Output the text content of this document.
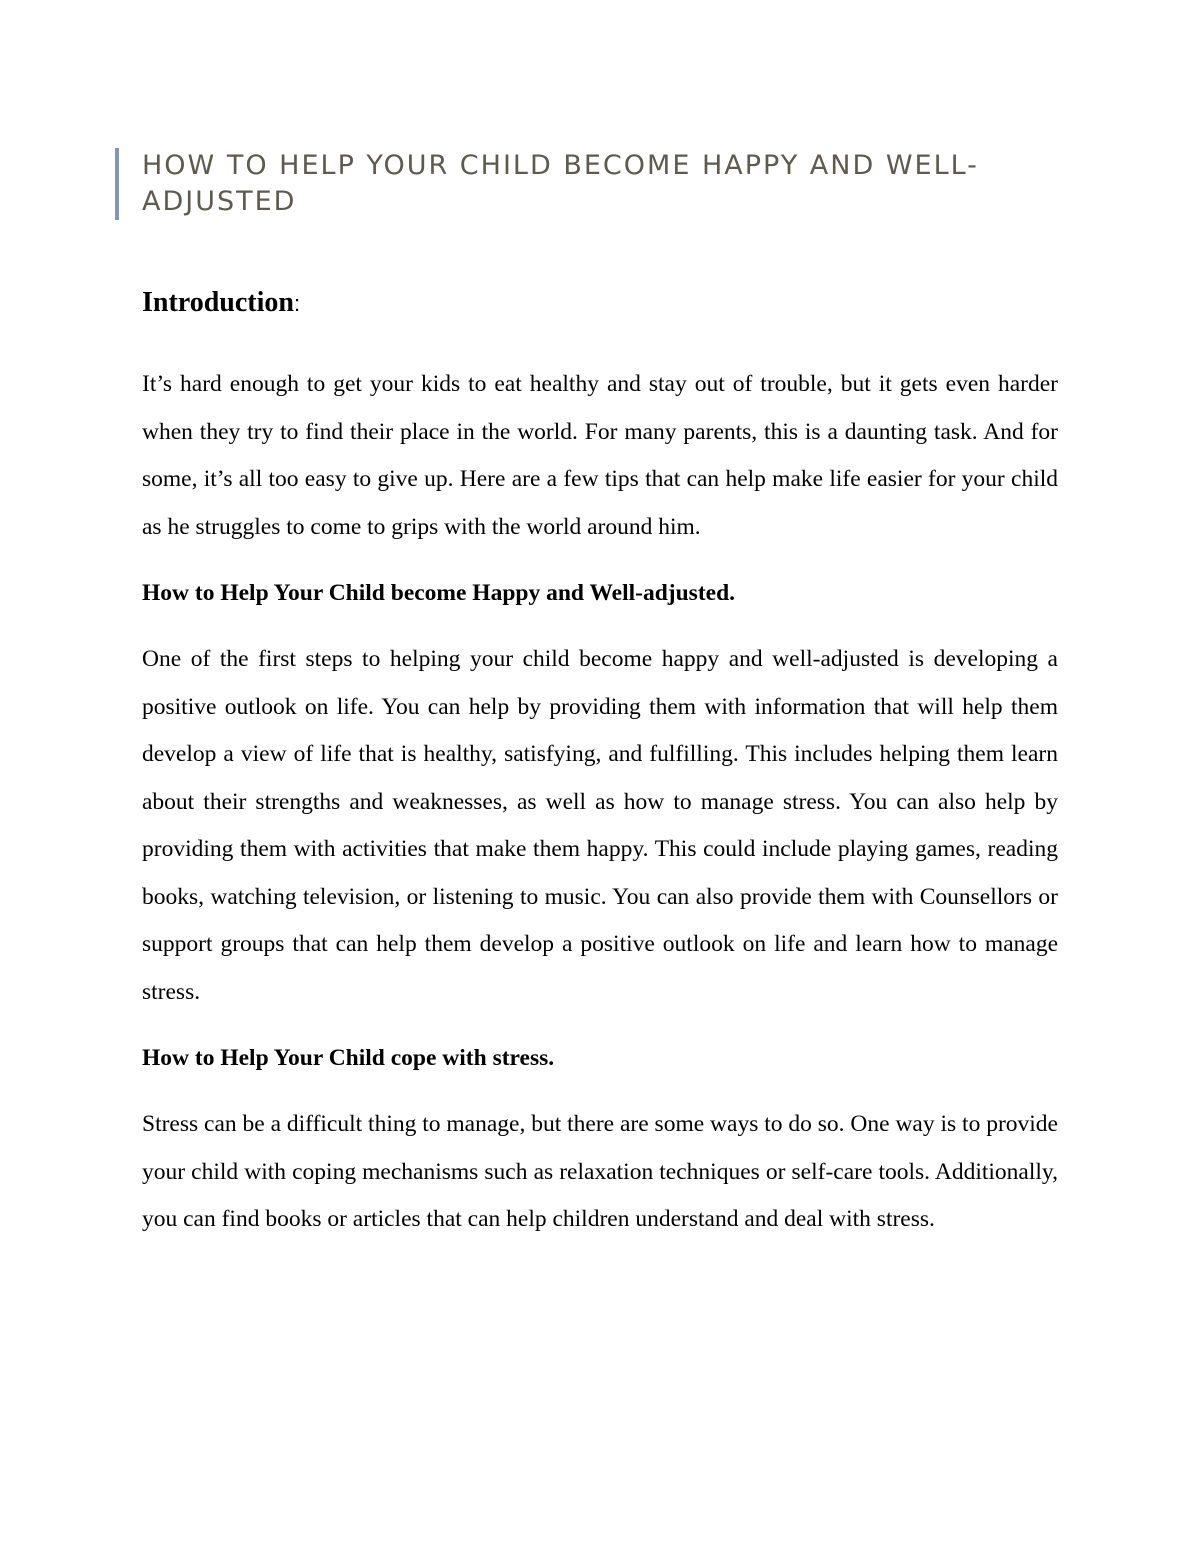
HOW TO HELP YOUR CHILD BECOME HAPPY AND WELL-ADJUSTED
Introduction:

It’s hard enough to get your kids to eat healthy and stay out of trouble, but it gets even harder when they try to find their place in the world. For many parents, this is a daunting task. And for some, it’s all too easy to give up. Here are a few tips that can help make life easier for your child as he struggles to come to grips with the world around him.

How to Help Your Child become Happy and Well-adjusted.

One of the first steps to helping your child become happy and well-adjusted is developing a positive outlook on life. You can help by providing them with information that will help them develop a view of life that is healthy, satisfying, and fulfilling. This includes helping them learn about their strengths and weaknesses, as well as how to manage stress. You can also help by providing them with activities that make them happy. This could include playing games, reading books, watching television, or listening to music. You can also provide them with Counsellors or support groups that can help them develop a positive outlook on life and learn how to manage stress.

How to Help Your Child cope with stress.

Stress can be a difficult thing to manage, but there are some ways to do so. One way is to provide your child with coping mechanisms such as relaxation techniques or self-care tools. Additionally, you can find books or articles that can help children understand and deal with stress.
